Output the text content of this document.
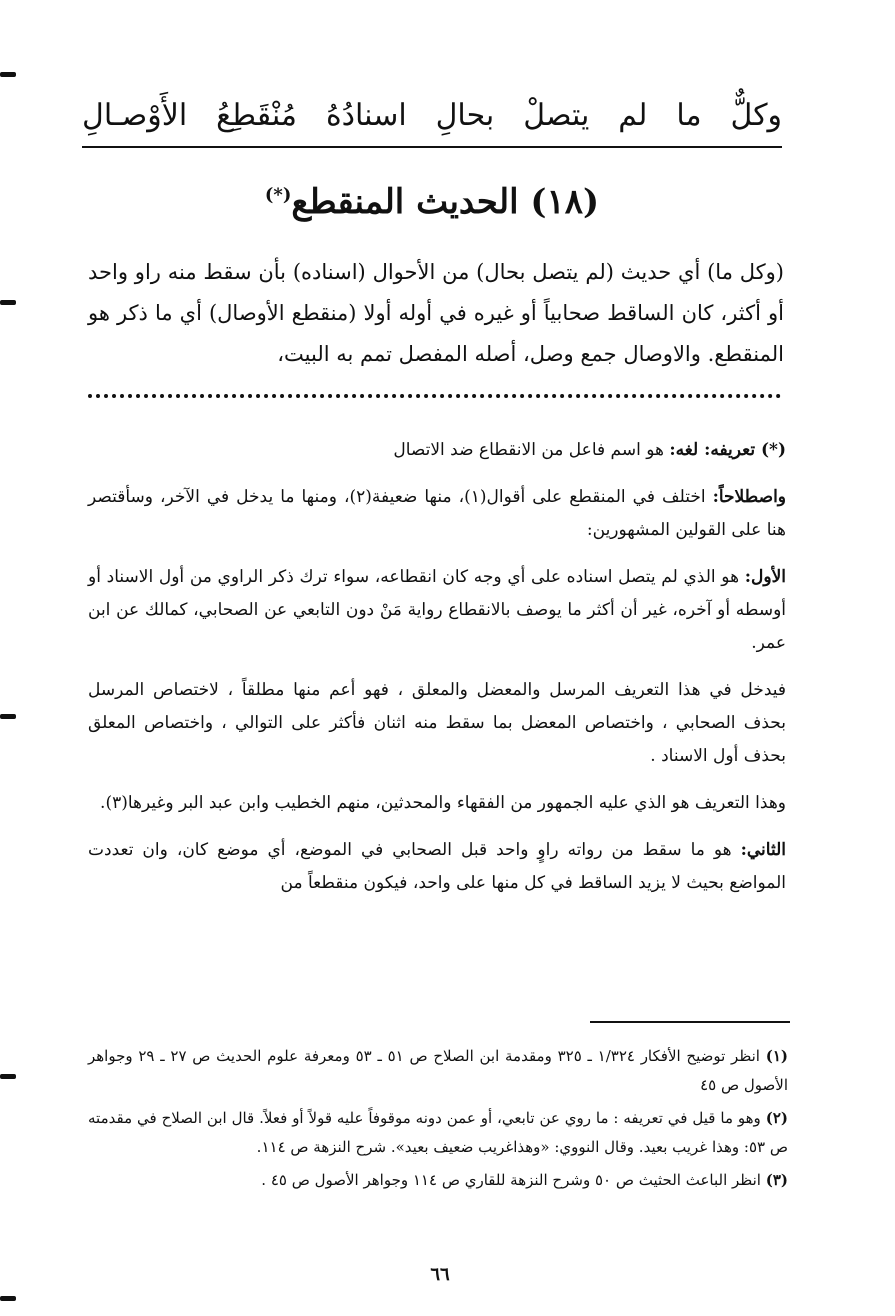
وكلٌّ
ما
لم
يتصلْ
بحالِ
اسنادُهُ
مُنْقَطِعُ
الأَوْصـالِ
(١٨) الحديث المنقطع(*)

(وكل ما) أي حديث (لم يتصل بحال) من الأحوال (اسناده) بأن سقط منه راو واحد أو أكثر، كان الساقط صحابياً أو غيره في أوله أولا (منقطع الأوصال) أي ما ذكر هو المنقطع. والاوصال جمع وصل، أصله المفصل تمم به البيت،

(*) تعريفه: لغه: هو اسم فاعل من الانقطاع ضد الاتصال

واصطلاحاً: اختلف في المنقطع على أقوال(١)، منها ضعيفة(٢)، ومنها ما يدخل في الآخر، وسأقتصر هنا على القولين المشهورين:

الأول: هو الذي لم يتصل اسناده على أي وجه كان انقطاعه، سواء ترك ذكر الراوي من أول الاسناد أو أوسطه أو آخره، غير أن أكثر ما يوصف بالانقطاع رواية مَنْ دون التابعي عن الصحابي، كمالك عن ابن عمر.

فيدخل في هذا التعريف المرسل والمعضل والمعلق ، فهو أعم منها مطلقاً ، لاختصاص المرسل بحذف الصحابي ، واختصاص المعضل بما سقط منه اثنان فأكثر على التوالي ، واختصاص المعلق بحذف أول الاسناد .

وهذا التعريف هو الذي عليه الجمهور من الفقهاء والمحدثين، منهم الخطيب وابن عبد البر وغيرها(٣).

الثاني: هو ما سقط من رواته راوٍ واحد قبل الصحابي في الموضع، أي موضع كان، وان تعددت المواضع بحيث لا يزيد الساقط في كل منها على واحد، فيكون منقطعاً من

(١) انظر توضيح الأفكار ١/٣٢٤ ـ ٣٢٥ ومقدمة ابن الصلاح ص ٥١ ـ ٥٣ ومعرفة علوم الحديث ص ٢٧ ـ ٢٩ وجواهر الأصول ص ٤٥

(٢) وهو ما قيل في تعريفه : ما روي عن تابعي، أو عمن دونه موقوفاً عليه قولاً أو فعلاً. قال ابن الصلاح في مقدمته ص ٥٣: وهذا غريب بعيد. وقال النووي: «وهذاغريب ضعيف بعيد». شرح النزهة ص ١١٤.

(٣) انظر الباعث الحثيث ص ٥٠ وشرح النزهة للقاري ص ١١٤ وجواهر الأصول ص ٤٥ .

٦٦
